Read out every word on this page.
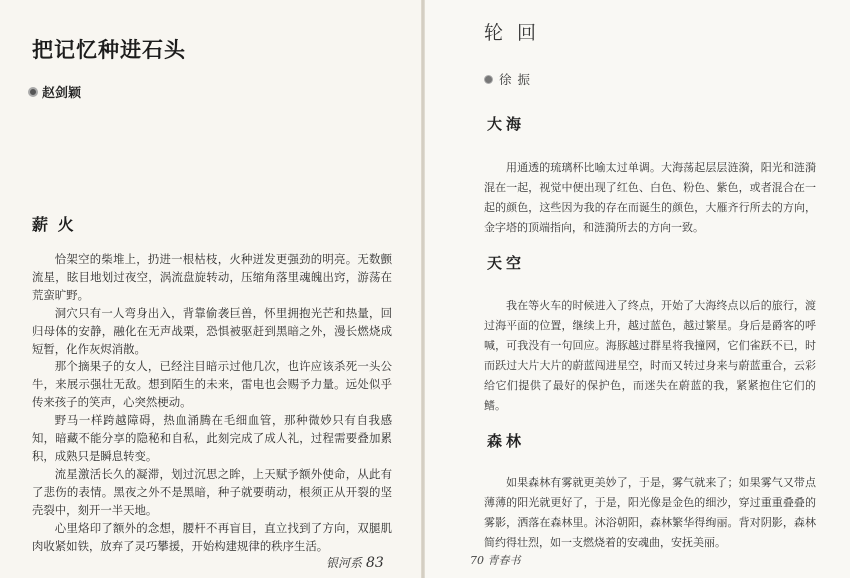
把记忆种进石头
赵剑颖
薪 火

恰架空的柴堆上，扔进一根枯枝，火种迸发更强劲的明亮。无数颤流星，眩目地划过夜空，涡流盘旋转动，压缩角落里魂魄出窍，游荡在荒蛮旷野。

洞穴只有一人弯身出入，背靠偷袭巨兽，怀里拥抱光芒和热量，回归母体的安静，融化在无声战栗，恐惧被驱赶到黑暗之外，漫长燃烧成短暂，化作灰烬消散。

那个摘果子的女人，已经注目暗示过他几次，也许应该杀死一头公牛，来展示强壮无敌。想到陌生的未来，雷电也会赐予力量。远处似乎传来孩子的笑声，心突然梗动。

野马一样跨越障碍，热血涌腾在毛细血管，那种微妙只有自我感知，暗藏不能分享的隐秘和自私，此刻完成了成人礼，过程需要叠加累积，成熟只是瞬息转变。

流星激活长久的凝滞，划过沉思之眸，上天赋予额外使命，从此有了悲伤的表情。黑夜之外不是黑暗，种子就要萌动，根须正从开裂的坚壳裂中，刻开一半天地。

心里烙印了额外的念想，腰杆不再盲目，直立找到了方向，双腿肌肉收紧如铁，放弃了灵巧攀援，开始构建规律的秩序生活。

银河系 83
轮回
徐振
大海

用通透的琉璃杯比喻太过单调。大海荡起层层涟漪，阳光和涟漪混在一起，视觉中便出现了红色、白色、粉色、紫色，或者混合在一起的颜色，这些因为我的存在而诞生的颜色，大雁齐行所去的方向，金字塔的顶端指向，和涟漪所去的方向一致。

天空

我在等火车的时候进入了终点，开始了大海终点以后的旅行，渡过海平面的位置，继续上升，越过蓝色，越过繁星。身后是爵客的呼喊，可我没有一句回应。海豚越过群星将我撞网，它们雀跃不已，时而跃过大片大片的蔚蓝闯进星空，时而又转过身来与蔚蓝重合，云彩给它们提供了最好的保护色，而迷失在蔚蓝的我，紧紧抱住它们的鳍。

森林

如果森林有雾就更美妙了，于是，雾气就来了；如果雾气又带点薄薄的阳光就更好了，于是，阳光像是金色的细沙，穿过重重叠叠的雾影，洒落在森林里。沐浴朝阳，森林繁华得绚丽。背对阴影，森林简约得壮烈，如一支燃烧着的安魂曲，安抚美丽。

70 青春书
